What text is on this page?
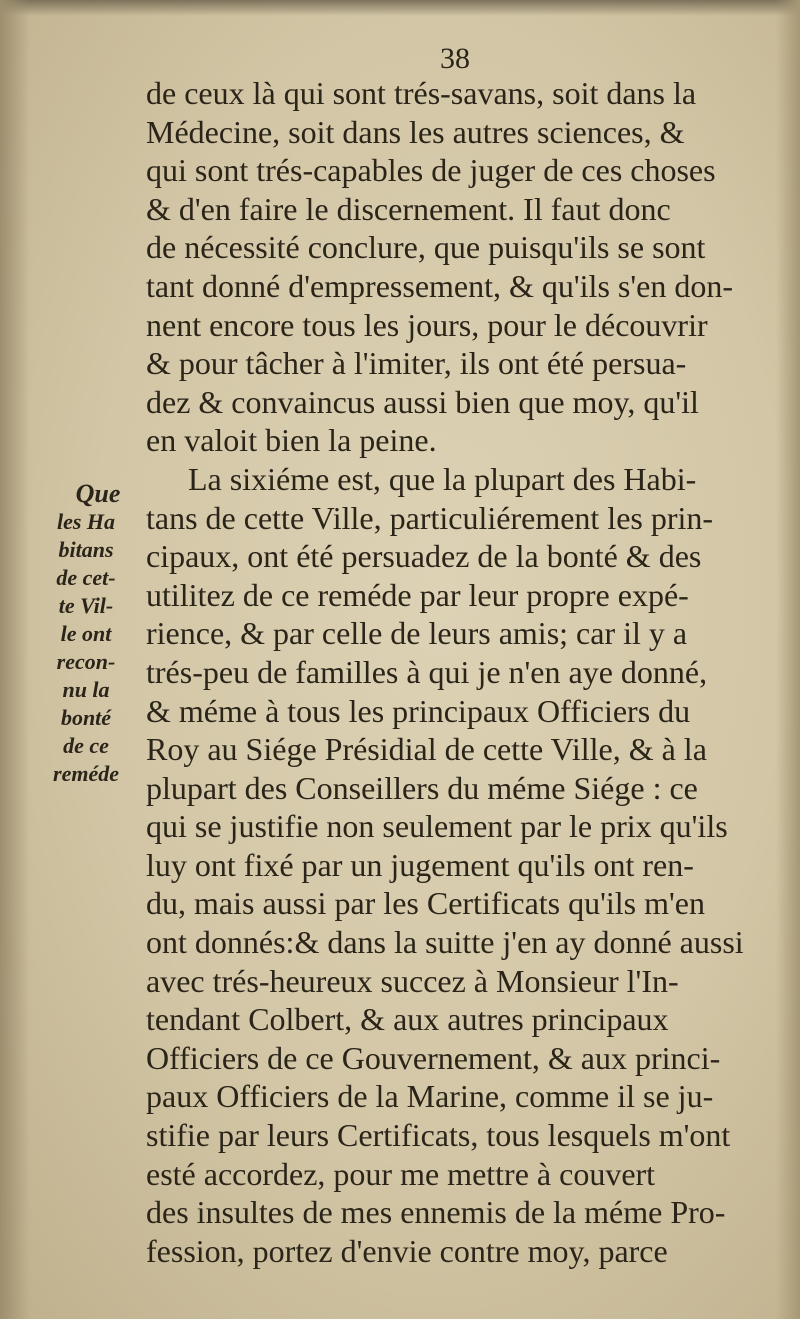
38

Que
les Ha
bitans
de cet-
te Vil-
le ont
recon-
nu la
bonté
de ce
reméde
de ceux là qui sont trés-savans, soit dans la
Médecine, soit dans les autres sciences, &
qui sont trés-capables de juger de ces choses
& d'en faire le discernement. Il faut donc
de nécessité conclure, que puisqu'ils se sont
tant donné d'empressement, & qu'ils s'en don-
nent encore tous les jours, pour le découvrir
& pour tâcher à l'imiter, ils ont été persua-
dez & convaincus aussi bien que moy, qu'il
en valoit bien la peine.
La sixiéme est, que la plupart des Habi-
tans de cette Ville, particuliérement les prin-
cipaux, ont été persuadez de la bonté & des
utilitez de ce reméde par leur propre expé-
rience, & par celle de leurs amis; car il y a
trés-peu de familles à qui je n'en aye donné,
& méme à tous les principaux Officiers du
Roy au Siége Présidial de cette Ville, & à la
plupart des Conseillers du méme Siége : ce
qui se justifie non seulement par le prix qu'ils
luy ont fixé par un jugement qu'ils ont ren-
du, mais aussi par les Certificats qu'ils m'en
ont donnés:& dans la suitte j'en ay donné aussi
avec trés-heureux succez à Monsieur l'In-
tendant Colbert, & aux autres principaux
Officiers de ce Gouvernement, & aux princi-
paux Officiers de la Marine, comme il se ju-
stifie par leurs Certificats, tous lesquels m'ont
esté accordez, pour me mettre à couvert
des insultes de mes ennemis de la méme Pro-
fession, portez d'envie contre moy, parce
